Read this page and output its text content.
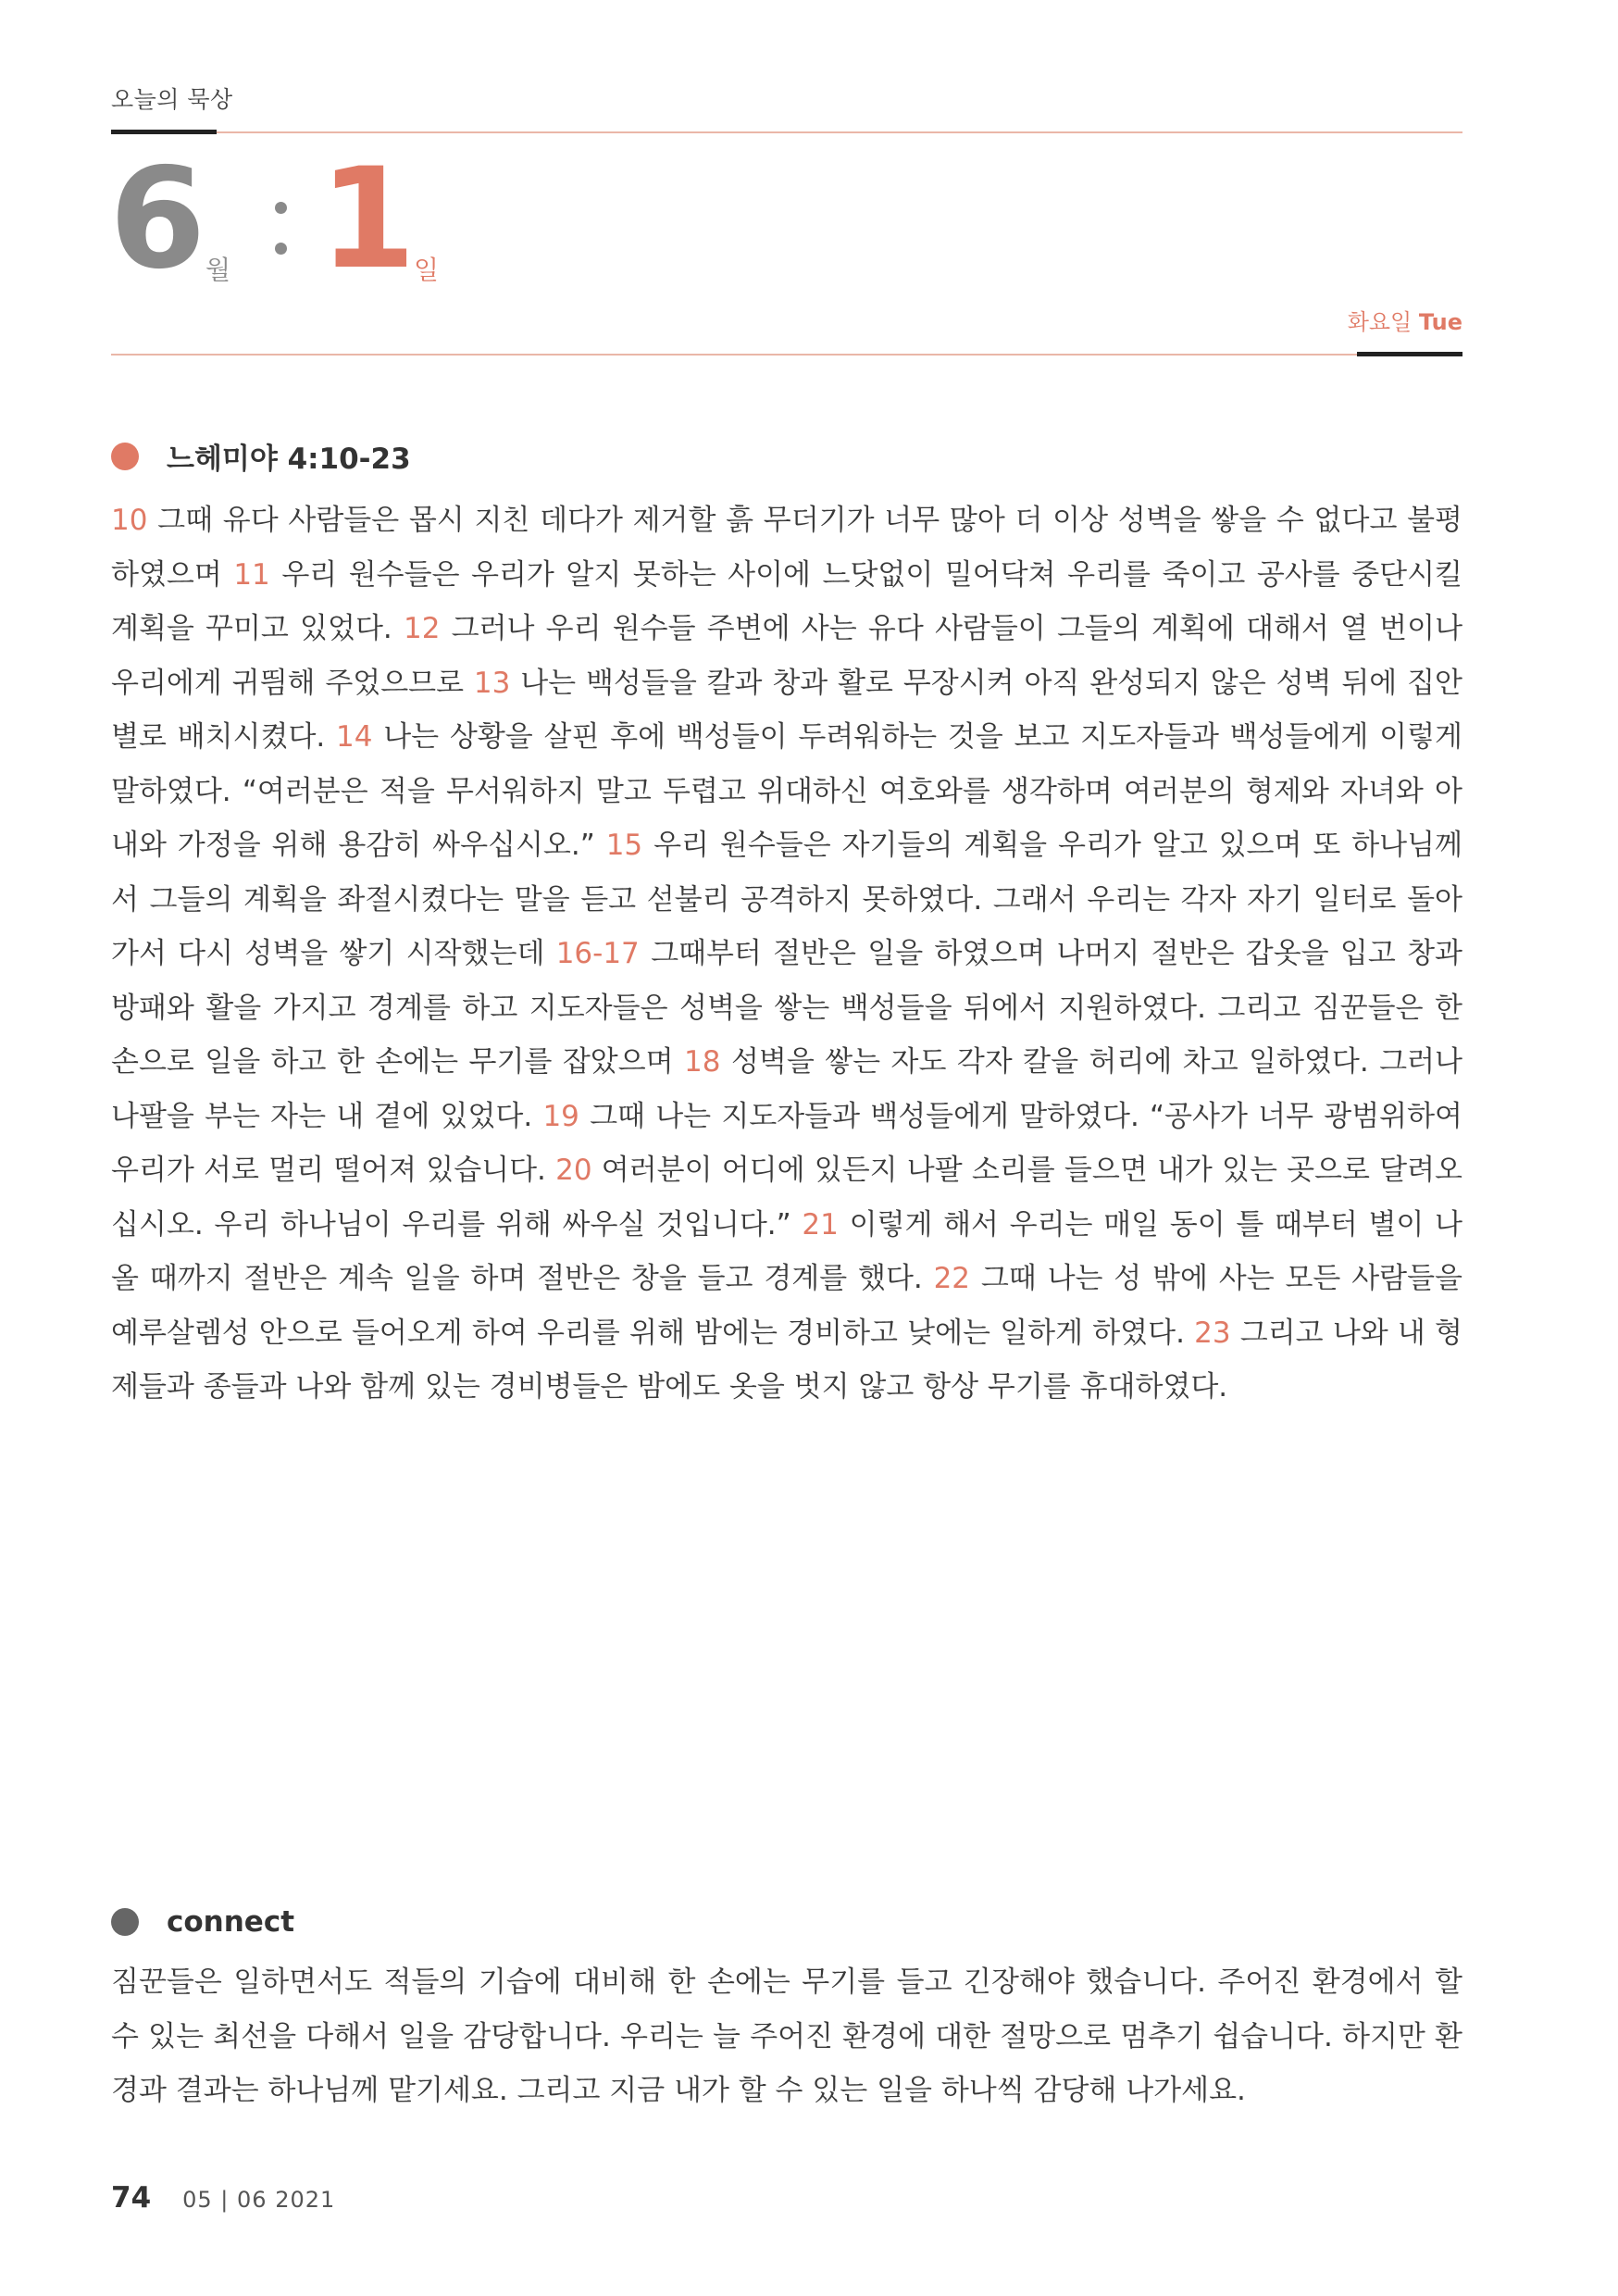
오늘의 묵상
6 월 1
일
화요일 Tue
느헤미야 4:10-23
10 그때 유다 사람들은 몹시 지친 데다가 제거할 흙 무더기가 너무 많아 더 이상 성벽을 쌓을 수 없다고 불평하였으며 11 우리 원수들은 우리가 알지 못하는 사이에 느닷없이 밀어닥쳐 우리를 죽이고 공사를 중단시킬 계획을 꾸미고 있었다. 12 그러나 우리 원수들 주변에 사는 유다 사람들이 그들의 계획에 대해서 열 번이나 우리에게 귀띔해 주었으므로 13 나는 백성들을 칼과 창과 활로 무장시켜 아직 완성되지 않은 성벽 뒤에 집안별로 배치시켰다. 14 나는 상황을 살핀 후에 백성들이 두려워하는 것을 보고 지도자들과 백성들에게 이렇게 말하였다. “여러분은 적을 무서워하지 말고 두렵고 위대하신 여호와를 생각하며 여러분의 형제와 자녀와 아내와 가정을 위해 용감히 싸우십시오.” 15 우리 원수들은 자기들의 계획을 우리가 알고 있으며 또 하나님께서 그들의 계획을 좌절시켰다는 말을 듣고 섣불리 공격하지 못하였다. 그래서 우리는 각자 자기 일터로 돌아가서 다시 성벽을 쌓기 시작했는데 16-17 그때부터 절반은 일을 하였으며 나머지 절반은 갑옷을 입고 창과 방패와 활을 가지고 경계를 하고 지도자들은 성벽을 쌓는 백성들을 뒤에서 지원하였다. 그리고 짐꾼들은 한 손으로 일을 하고 한 손에는 무기를 잡았으며 18 성벽을 쌓는 자도 각자 칼을 허리에 차고 일하였다. 그러나 나팔을 부는 자는 내 곁에 있었다. 19 그때 나는 지도자들과 백성들에게 말하였다. “공사가 너무 광범위하여 우리가 서로 멀리 떨어져 있습니다. 20 여러분이 어디에 있든지 나팔 소리를 들으면 내가 있는 곳으로 달려오십시오. 우리 하나님이 우리를 위해 싸우실 것입니다.” 21 이렇게 해서 우리는 매일 동이 틀 때부터 별이 나올 때까지 절반은 계속 일을 하며 절반은 창을 들고 경계를 했다. 22 그때 나는 성 밖에 사는 모든 사람들을 예루살렘성 안으로 들어오게 하여 우리를 위해 밤에는 경비하고 낮에는 일하게 하였다. 23 그리고 나와 내 형제들과 종들과 나와 함께 있는 경비병들은 밤에도 옷을 벗지 않고 항상 무기를 휴대하였다.
connect
짐꾼들은 일하면서도 적들의 기습에 대비해 한 손에는 무기를 들고 긴장해야 했습니다. 주어진 환경에서 할 수 있는 최선을 다해서 일을 감당합니다. 우리는 늘 주어진 환경에 대한 절망으로 멈추기 쉽습니다. 하지만 환경과 결과는 하나님께 맡기세요. 그리고 지금 내가 할 수 있는 일을 하나씩 감당해 나가세요.
74 05 | 06 2021
